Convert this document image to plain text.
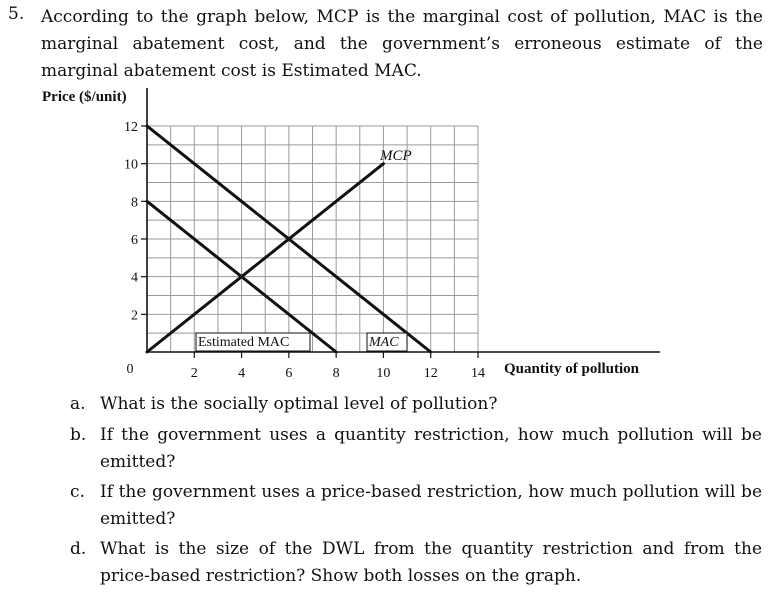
5. According to the graph below, MCP is the marginal cost of pollution, MAC is the marginal abatement cost, and the government’s erroneous estimate of the marginal abatement cost is Estimated MAC.
2
4
6
8
10
12
2	4	6	8	10 12 14
0
Price ($/unit)
Quantity of pollution
MCP
Estimated MAC	MAC
a. What is the socially optimal level of pollution?
b. If the government uses a quantity restriction, how much pollution will be emitted?
c. If the government uses a price-based restriction, how much pollution will be emitted?
d. What is the size of the DWL from the quantity restriction and from the price-based restriction? Show both losses on the graph.
